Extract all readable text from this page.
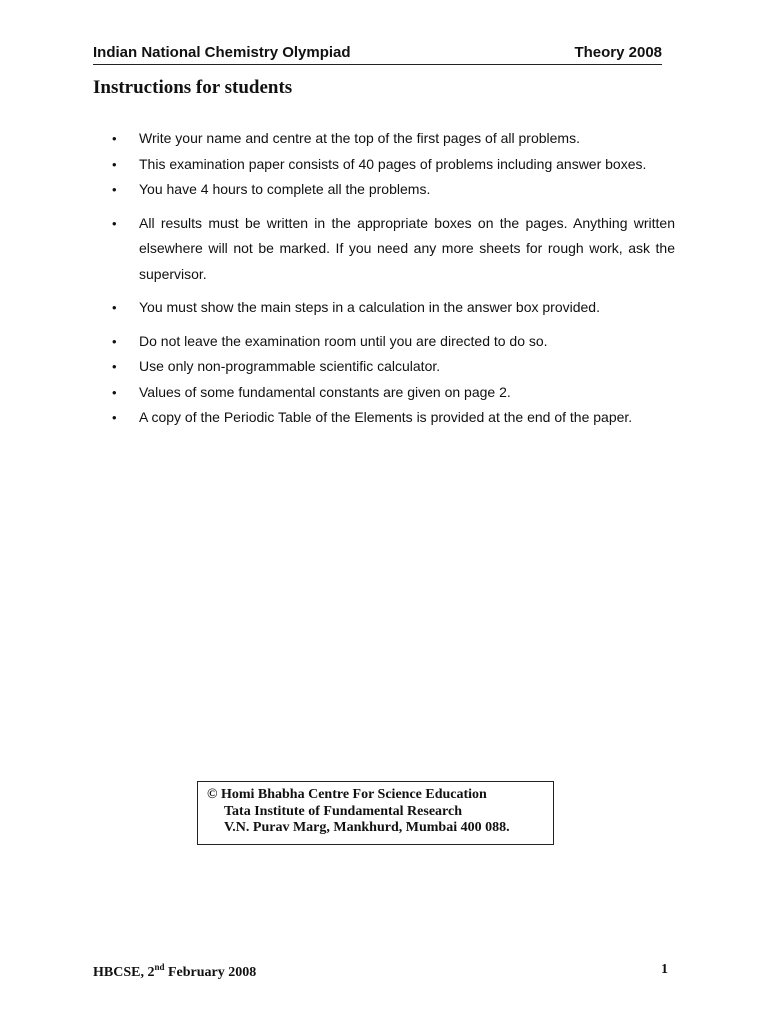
Indian National Chemistry Olympiad	Theory 2008
Instructions for students
• Write your name and centre at the top of the first pages of all problems.
• This examination paper consists of 40 pages of problems including answer boxes.
• You have 4 hours to complete all the problems.
• All results must be written in the appropriate boxes on the pages. Anything written elsewhere will not be marked. If you need any more sheets for rough work, ask the supervisor.
• You must show the main steps in a calculation in the answer box provided.
• Do not leave the examination room until you are directed to do so.
• Use only non-programmable scientific calculator.
• Values of some fundamental constants are given on page 2.
• A copy of the Periodic Table of the Elements is provided at the end of the paper.
© Homi Bhabha Centre For Science Education
Tata Institute of Fundamental Research
V.N. Purav Marg, Mankhurd, Mumbai 400 088.
HBCSE, 2nd February 2008	1
